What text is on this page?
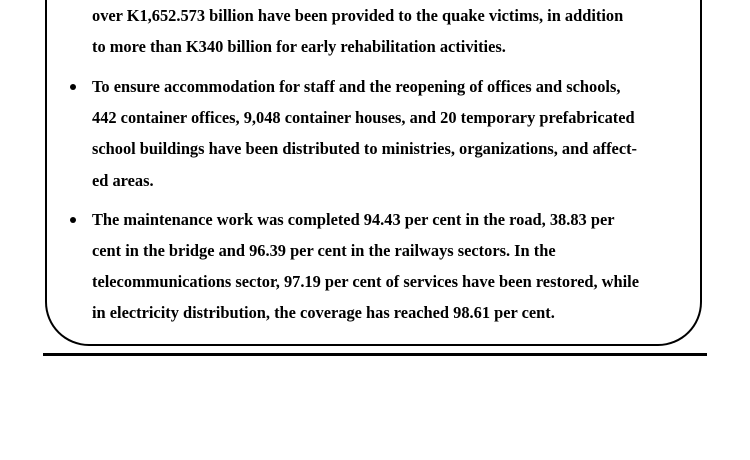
over K1,652.573 billion have been provided to the quake victims, in addition
to more than K340 billion for early rehabilitation activities.
To ensure accommodation for staff and the reopening of offices and schools,
442 container offices, 9,048 container houses, and 20 temporary prefabricated
school buildings have been distributed to ministries, organizations, and affect-
ed areas.
The maintenance work was completed 94.43 per cent in the road, 38.83 per
cent in the bridge and 96.39 per cent in the railways sectors. In the
telecommunications sector, 97.19 per cent of services have been restored, while
in electricity distribution, the coverage has reached 98.61 per cent.
